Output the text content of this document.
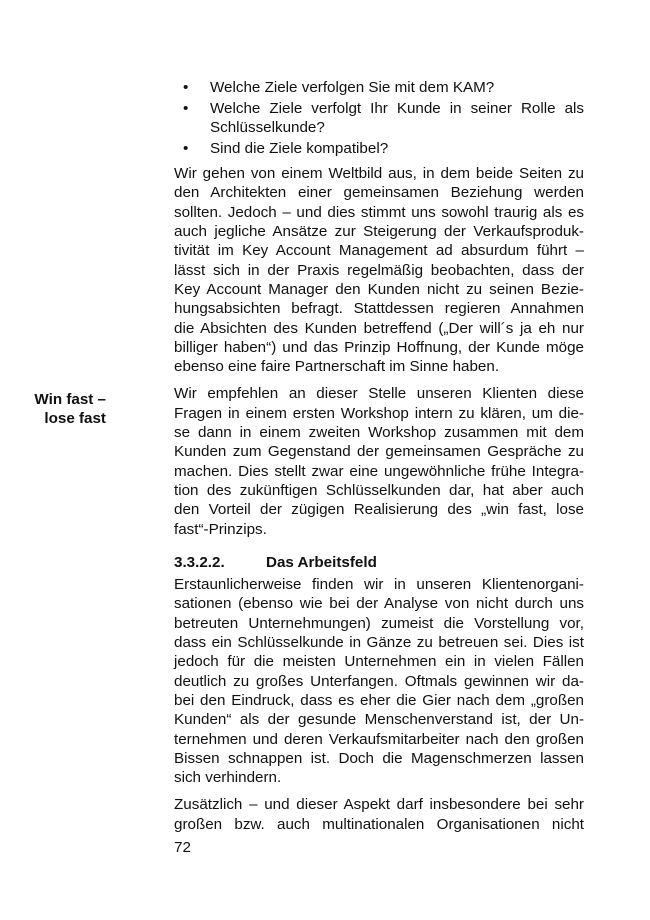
Win fast –
lose fast
• Welche Ziele verfolgen Sie mit dem KAM?
• Welche Ziele verfolgt Ihr Kunde in seiner Rolle als
Schlüsselkunde?
• Sind die Ziele kompatibel?
Wir gehen von einem Weltbild aus, in dem beide Seiten zu
den Architekten einer gemeinsamen Beziehung werden
sollten. Jedoch – und dies stimmt uns sowohl traurig als es
auch jegliche Ansätze zur Steigerung der Verkaufsproduk-
tivität im Key Account Management ad absurdum führt –
lässt sich in der Praxis regelmäßig beobachten, dass der
Key Account Manager den Kunden nicht zu seinen Bezie-
hungsabsichten befragt. Stattdessen regieren Annahmen
die Absichten des Kunden betreffend („Der will´s ja eh nur
billiger haben“) und das Prinzip Hoffnung, der Kunde möge
ebenso eine faire Partnerschaft im Sinne haben.
Wir empfehlen an dieser Stelle unseren Klienten diese
Fragen in einem ersten Workshop intern zu klären, um die-
se dann in einem zweiten Workshop zusammen mit dem
Kunden zum Gegenstand der gemeinsamen Gespräche zu
machen. Dies stellt zwar eine ungewöhnliche frühe Integra-
tion des zukünftigen Schlüsselkunden dar, hat aber auch
den Vorteil der zügigen Realisierung des „win fast, lose
fast“-Prinzips.
3.3.2.2.	Das Arbeitsfeld
Erstaunlicherweise finden wir in unseren Klientenorgani-
sationen (ebenso wie bei der Analyse von nicht durch uns
betreuten Unternehmungen) zumeist die Vorstellung vor,
dass ein Schlüsselkunde in Gänze zu betreuen sei. Dies ist
jedoch für die meisten Unternehmen ein in vielen Fällen
deutlich zu großes Unterfangen. Oftmals gewinnen wir da-
bei den Eindruck, dass es eher die Gier nach dem „großen
Kunden“ als der gesunde Menschenverstand ist, der Un-
ternehmen und deren Verkaufsmitarbeiter nach den großen
Bissen schnappen ist. Doch die Magenschmerzen lassen
sich verhindern.
Zusätzlich – und dieser Aspekt darf insbesondere bei sehr
großen bzw. auch multinationalen Organisationen nicht
72
